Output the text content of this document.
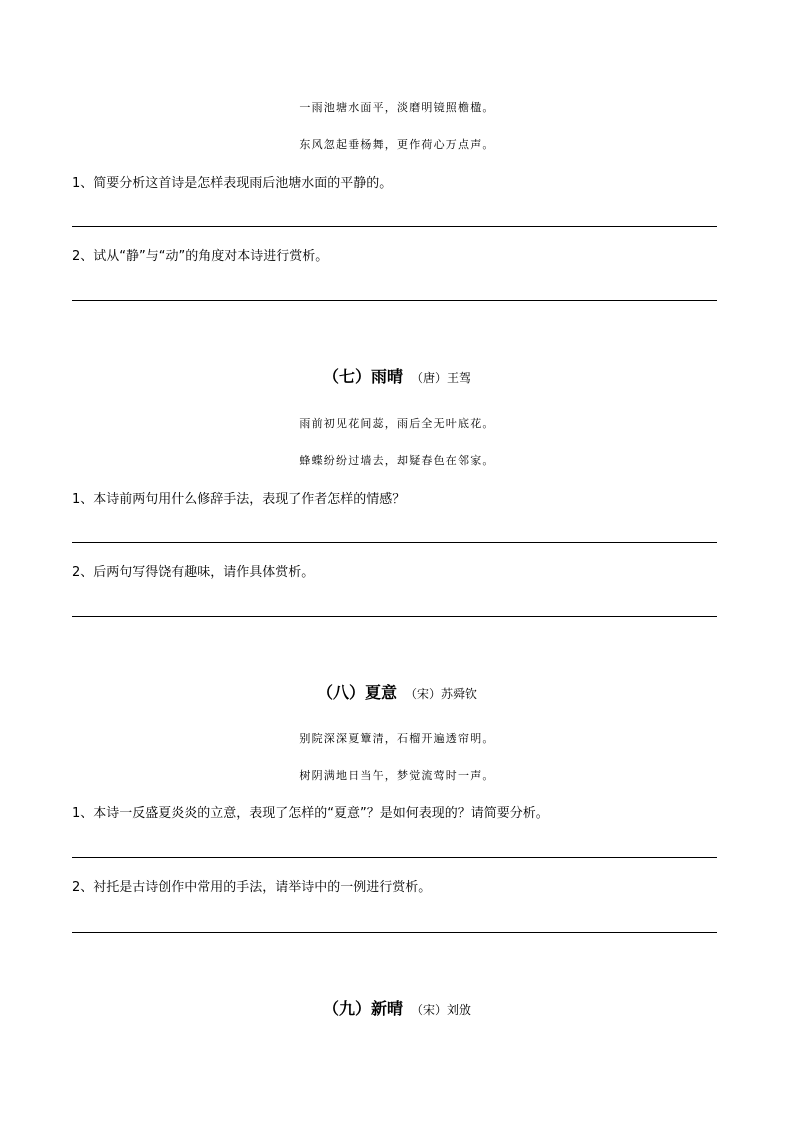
一雨池塘水面平，淡磨明镜照檐楹。
东风忽起垂杨舞，更作荷心万点声。
1、简要分析这首诗是怎样表现雨后池塘水面的平静的。
2、试从“静”与“动”的角度对本诗进行赏析。
（七）雨晴 （唐）王驾
雨前初见花间蕊，雨后全无叶底花。
蜂蝶纷纷过墙去，却疑春色在邻家。
1、本诗前两句用什么修辞手法，表现了作者怎样的情感？
2、后两句写得饶有趣味，请作具体赏析。
（八）夏意 （宋）苏舜钦
别院深深夏簟清，石榴开遍透帘明。
树阴满地日当午，梦觉流莺时一声。
1、本诗一反盛夏炎炎的立意，表现了怎样的“夏意”？是如何表现的？请简要分析。
2、衬托是古诗创作中常用的手法，请举诗中的一例进行赏析。
（九）新晴 （宋）刘攽
